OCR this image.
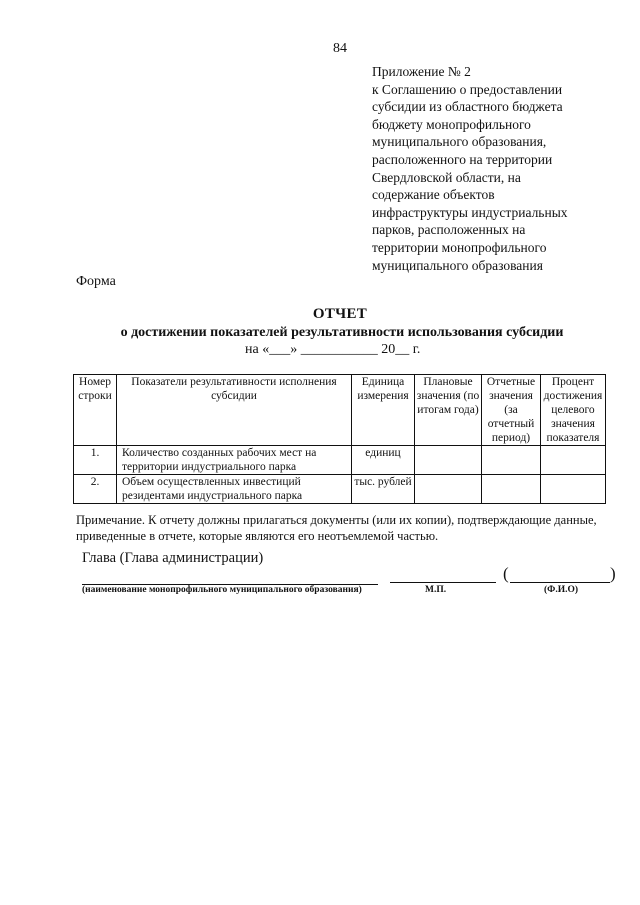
84
Приложение № 2
к Соглашению о предоставлении
субсидии из областного бюджета
бюджету монопрофильного
муниципального образования,
расположенного на территории
Свердловской области, на
содержание объектов
инфраструктуры индустриальных
парков, расположенных на
территории монопрофильного
муниципального образования
Форма
ОТЧЕТ
о достижении показателей результативности использования субсидии
на «___» ___________ 20__ г.
Номер строки	Показатели результативности исполнения субсидии	Единица измерения	Плановые значения (по итогам года)	Отчетные значения (за отчетный период)	Процент достижения целевого значения показателя
1.	Количество созданных рабочих мест на территории индустриального парка	единиц			
2.	Объем осуществленных инвестиций резидентами индустриального парка	тыс. рублей			
Примечание. К отчету должны прилагаться документы (или их копии), подтверждающие данные, приведенные в отчете, которые являются его неотъемлемой частью.
Глава (Глава администрации)
(наименование монопрофильного муниципального образования)	М.П.
(	)
(Ф.И.О)
